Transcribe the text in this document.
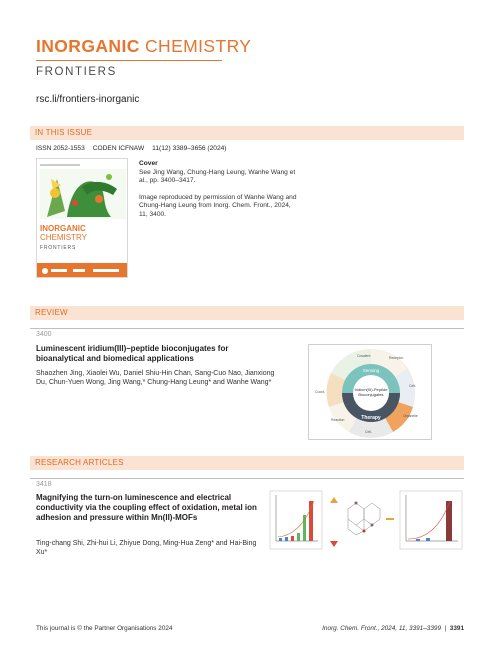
INORGANIC CHEMISTRY
FRONTIERS
rsc.li/frontiers-inorganic
IN THIS ISSUE
ISSN 2052-1553 CODEN ICFNAW 11(12) 3389–3656 (2024)
INORGANIC
CHEMISTRY
FRONTIERS

Cover
See Jing Wang, Chung-Hang Leung, Wanhe Wang et al., pp. 3400–3417.

Image reproduced by permission of Wanhe Wang and Chung-Hang Leung from Inorg. Chem. Front., 2024, 11, 3400.

REVIEW
3400
Luminescent iridium(III)–peptide bioconjugates for bioanalytical and biomedical applications
Shaozhen Jing, Xiaolei Wu, Daniel Shiu-Hin Chan, Sang-Cuo Nao, Jianxiong Du, Chun-Yuen Wong, Jing Wang,* Chung-Hang Leung* and Wanhe Wang*
Iridium(III)-Peptide
Bioconjugates
Sensing
Therapy
Covalent	Receptor-
Cell-
Organelle
Cell-
Reaction
Coord.
RESEARCH ARTICLES
3418
Magnifying the turn-on luminescence and electrical conductivity via the coupling effect of oxidation, metal ion adhesion and pressure within Mn(II)-MOFs
Ting-chang Shi, Zhi-hui Li, Zhiyue Dong, Ming-Hua Zeng* and Hai-Bing Xu*
This journal is © the Partner Organisations 2024	Inorg. Chem. Front., 2024, 11, 3391–3399  |  3391
